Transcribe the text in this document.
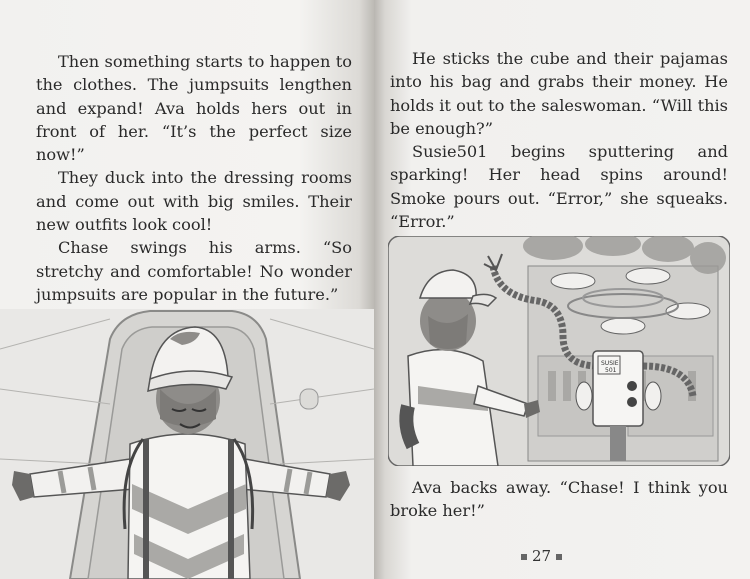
Then something starts to happen to the clothes. The jumpsuits lengthen and expand! Ava holds hers out in front of her. “It’s the perfect size now!”

They duck into the dressing rooms and come out with big smiles. Their new outfits look cool!

Chase swings his arms. “So stretchy and comfortable! No wonder jumpsuits are popular in the future.”

He sticks the cube and their pajamas into his bag and grabs their money. He holds it out to the saleswoman. “Will this be enough?”

Susie501 begins sputtering and sparking! Her head spins around! Smoke pours out. “Error,” she squeaks. “Error.”

SUSIE
501

Ava backs away. “Chase! I think you broke her!”

27
